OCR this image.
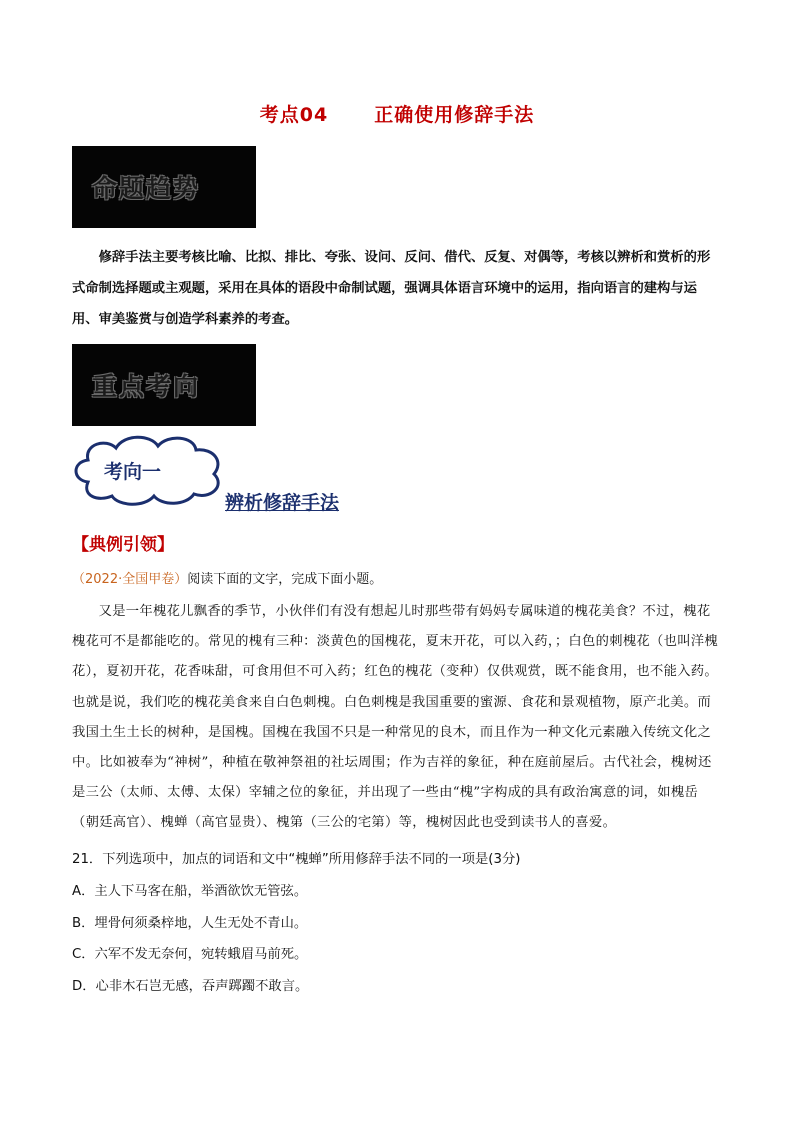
考点04 正确使用修辞手法
命题趋势
修辞手法主要考核比喻、比拟、排比、夸张、设问、反问、借代、反复、对偶等，考核以辨析和赏析的形式命制选择题或主观题，采用在具体的语段中命制试题，强调具体语言环境中的运用，指向语言的建构与运用、审美鉴赏与创造学科素养的考查。
重点考向
考向一
辨析修辞手法
【典例引领】
（2022·全国甲卷）阅读下面的文字，完成下面小题。
又是一年槐花儿飘香的季节，小伙伴们有没有想起儿时那些带有妈妈专属味道的槐花美食？不过，槐花槐花可不是都能吃的。常见的槐有三种：淡黄色的国槐花，夏末开花，可以入药，；白色的刺槐花（也叫洋槐花），夏初开花，花香味甜，可食用但不可入药；红色的槐花（变种）仅供观赏，既不能食用，也不能入药。也就是说，我们吃的槐花美食来自白色刺槐。白色刺槐是我国重要的蜜源、食花和景观植物，原产北美。而我国土生土长的树种，是国槐。国槐在我国不只是一种常见的良木，而且作为一种文化元素融入传统文化之中。比如被奉为“神树”，种植在敬神祭祖的社坛周围；作为吉祥的象征，种在庭前屋后。古代社会，槐树还是三公（太师、太傅、太保）宰辅之位的象征，并出现了一些由“槐”字构成的具有政治寓意的词，如槐岳（朝廷高官）、槐蝉（高官显贵）、槐第（三公的宅第）等，槐树因此也受到读书人的喜爱。
21．下列选项中，加点的词语和文中“槐蝉”所用修辞手法不同的一项是(3分)
A．主人下马客在船，举酒欲饮无管弦。
B．埋骨何须桑梓地，人生无处不青山。
C．六军不发无奈何，宛转蛾眉马前死。
D．心非木石岂无感，吞声踯躅不敢言。
